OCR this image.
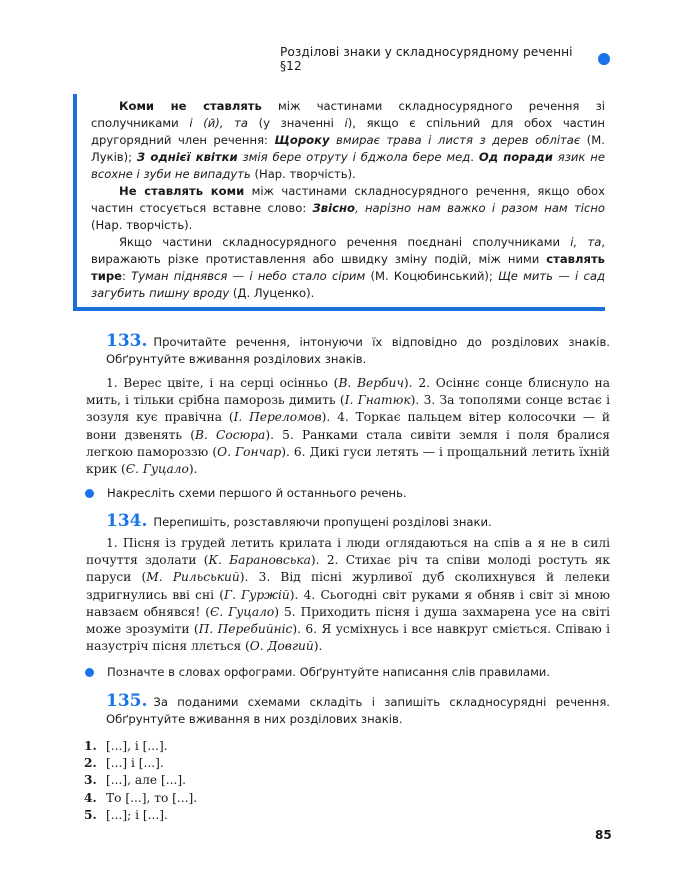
Розділові знаки у складносурядному реченні §12

Коми не ставлять між частинами складносурядного речення зі сполучниками і (й), та (у значенні і), якщо є спільний для обох частин другорядний член речення: Щороку вмирає трава і листя з дерев облітає (М. Луків); З однієї квітки змія бере отруту і бджола бере мед. Од поради язик не всохне і зуби не випадуть (Нар. творчість).

Не ставлять коми між частинами складносурядного речення, якщо обох частин стосується вставне слово: Звісно, нарізно нам важко і разом нам тісно (Нар. творчість).

Якщо частини складносурядного речення поєднані сполучниками і, та, виражають різке протиставлення або швидку зміну подій, між ними ставлять тире: Туман піднявся — і небо стало сірим (М. Коцюбинський); Ще мить — і сад загубить пишну вроду (Д. Луценко).

133. Прочитайте речення, інтонуючи їх відповідно до розділових знаків. Обґрунтуйте вживання розділових знаків.

1. Верес цвіте, і на серці осінньо (В. Вербич). 2. Осіннє сонце блиснуло на мить, і тільки срібна паморозь димить (І. Гнатюк). 3. За тополями сонце встає і зозуля кує правічна (І. Переломов). 4. Торкає пальцем вітер колосочки — й вони дзвенять (В. Сосюра). 5. Ранками стала сивіти земля і поля бралися легкою памороззю (О. Гончар). 6. Дикі гуси летять — і прощальний летить їхній крик (Є. Гуцало).
Накресліть схеми першого й останнього речень.

134. Перепишіть, розставляючи пропущені розділові знаки.

1. Пісня із грудей летить крилата і люди оглядаються на спів а я не в силі почуття здолати (К. Барановська). 2. Стихає річ та співи молоді ростуть як паруси (М. Рильський). 3. Від пісні журливої дуб сколихнувся й лелеки здригнулись вві сні (Г. Гуржій). 4. Сьогодні світ руками я обняв і світ зі мною навзаєм обнявся! (Є. Гуцало) 5. Приходить пісня і душа захмарена усе на світі може зрозуміти (П. Перебийніс). 6. Я усміхнусь і все навкруг сміється. Співаю і назустріч пісня ллється (О. Довгий).
Позначте в словах орфограми. Обґрунтуйте написання слів правилами.

135. За поданими схемами складіть і запишіть складносурядні речення. Обґрунтуйте вживання в них розділових знаків.

1. [...], і [...].
2. [...] і [...].
3. [...], але [...].
4. То [...], то [...].
5. [...]; і [...].
85
